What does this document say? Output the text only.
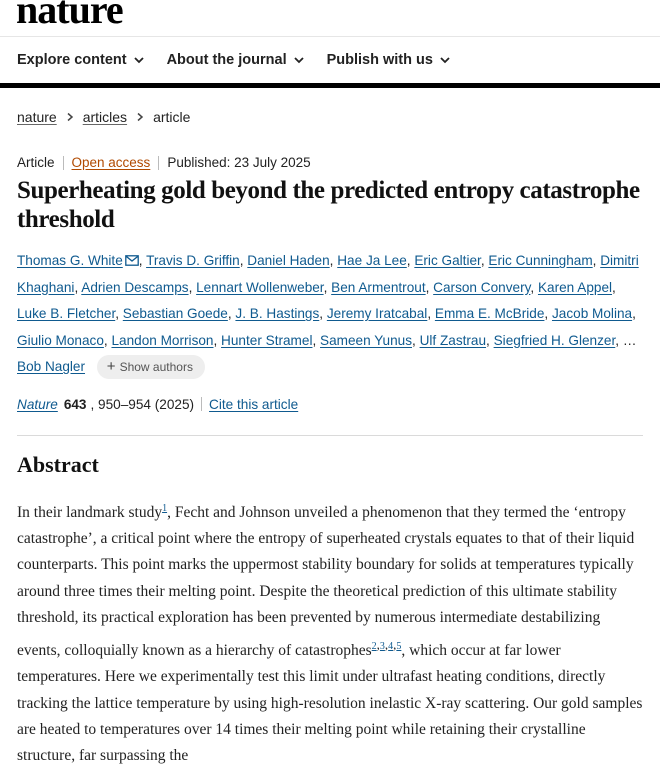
nature
Explore content	About the journal	Publish with us
nature articles article
Article Open access Published: 23 July 2025
Superheating gold beyond the predicted entropy catastrophe threshold
Thomas G. White , Travis D. Griffin, Daniel Haden, Hae Ja Lee, Eric Galtier, Eric Cunningham, Dimitri Khaghani, Adrien Descamps, Lennart Wollenweber, Ben Armentrout, Carson Convery, Karen Appel, Luke B. Fletcher, Sebastian Goede, J. B. Hastings, Jeremy Iratcabal, Emma E. McBride, Jacob Molina, Giulio Monaco, Landon Morrison, Hunter Stramel, Sameen Yunus, Ulf Zastrau, Siegfried H. Glenzer, … Bob Nagler + Show authors
Nature 643 , 950–954 (2025) Cite this article
Abstract

In their landmark study$^1$, Fecht and Johnson unveiled a phenomenon that they termed the ‘entropy catastrophe’, a critical point where the entropy of superheated crystals equates to that of their liquid counterparts. This point marks the uppermost stability boundary for solids at temperatures typically around three times their melting point. Despite the theoretical prediction of this ultimate stability threshold, its practical exploration has been prevented by numerous intermediate destabilizing events, colloquially known as a hierarchy of catastrophes$^{2,3,4,5}$, which occur at far lower temperatures. Here we experimentally test this limit under ultrafast heating conditions, directly tracking the lattice temperature by using high-resolution inelastic X-ray scattering. Our gold samples are heated to temperatures over 14 times their melting point while retaining their crystalline structure, far surpassing the
